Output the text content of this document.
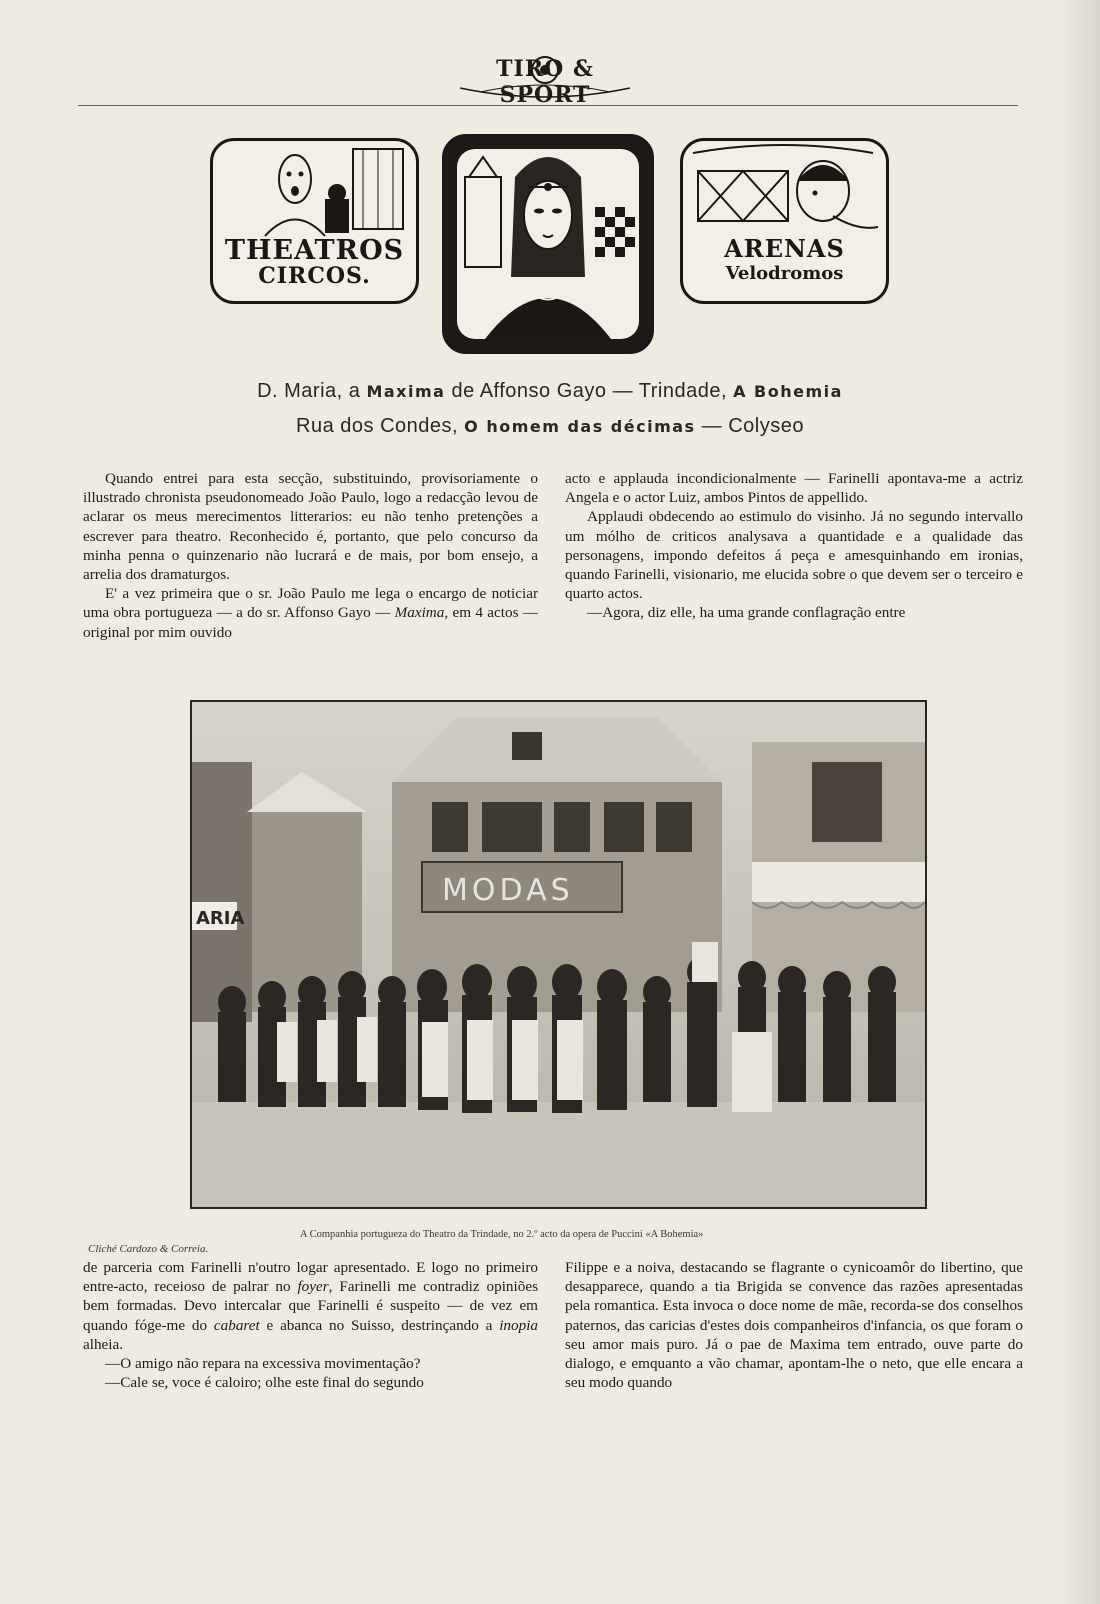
TIRO & SPORT
THEATROS
CIRCOS.
ARENAS
Velodromos
D. Maria, a Maxima de Affonso Gayo — Trindade, A Bohemia
Rua dos Condes, O homem das décimas — Colyseo

Quando entrei para esta secção, substituindo, provisoriamente o illustrado chronista pseudonomeado João Paulo, logo a redacção levou de aclarar os meus merecimentos litterarios: eu não tenho pretenções a escrever para theatro. Reconhecido é, portanto, que pelo concurso da minha penna o quinzenario não lucrará e de mais, por bom ensejo, a arrelia dos dramaturgos.

E' a vez primeira que o sr. João Paulo me lega o encargo de noticiar uma obra portugueza — a do sr. Affonso Gayo — Maxima, em 4 actos — original por mim ouvido

acto e applauda incondicionalmente — Farinelli apontava-me a actriz Angela e o actor Luiz, ambos Pintos de appellido.

Applaudi obdecendo ao estimulo do visinho. Já no segundo intervallo um mólho de criticos analysava a quantidade e a qualidade das personagens, impondo defeitos á peça e amesquinhando em ironias, quando Farinelli, visionario, me elucida sobre o que devem ser o terceiro e quarto actos.

—Agora, diz elle, ha uma grande conflagração entre

ARIA
MODAS
A Companhia portugueza do Theatro da Trindade, no 2.º acto da opera de Puccini «A Bohemia»
Cliché Cardozo & Correia.

de parceria com Farinelli n'outro logar apresentado. E logo no primeiro entre-acto, receioso de palrar no foyer, Farinelli me contradiz opiniões bem formadas. Devo intercalar que Farinelli é suspeito — de vez em quando fóge-me do cabaret e abanca no Suisso, destrinçando a inopia alheia.

—O amigo não repara na excessiva movimentação?

—Cale se, voce é caloiro; olhe este final do segundo

Filippe e a noiva, destacando se flagrante o cynicoamôr do libertino, que desapparece, quando a tia Brigida se convence das razões apresentadas pela romantica. Esta invoca o doce nome de mãe, recorda-se dos conselhos paternos, das caricias d'estes dois companheiros d'infancia, os que foram o seu amor mais puro. Já o pae de Maxima tem entrado, ouve parte do dialogo, e emquanto a vão chamar, apontam-lhe o neto, que elle encara a seu modo quando
